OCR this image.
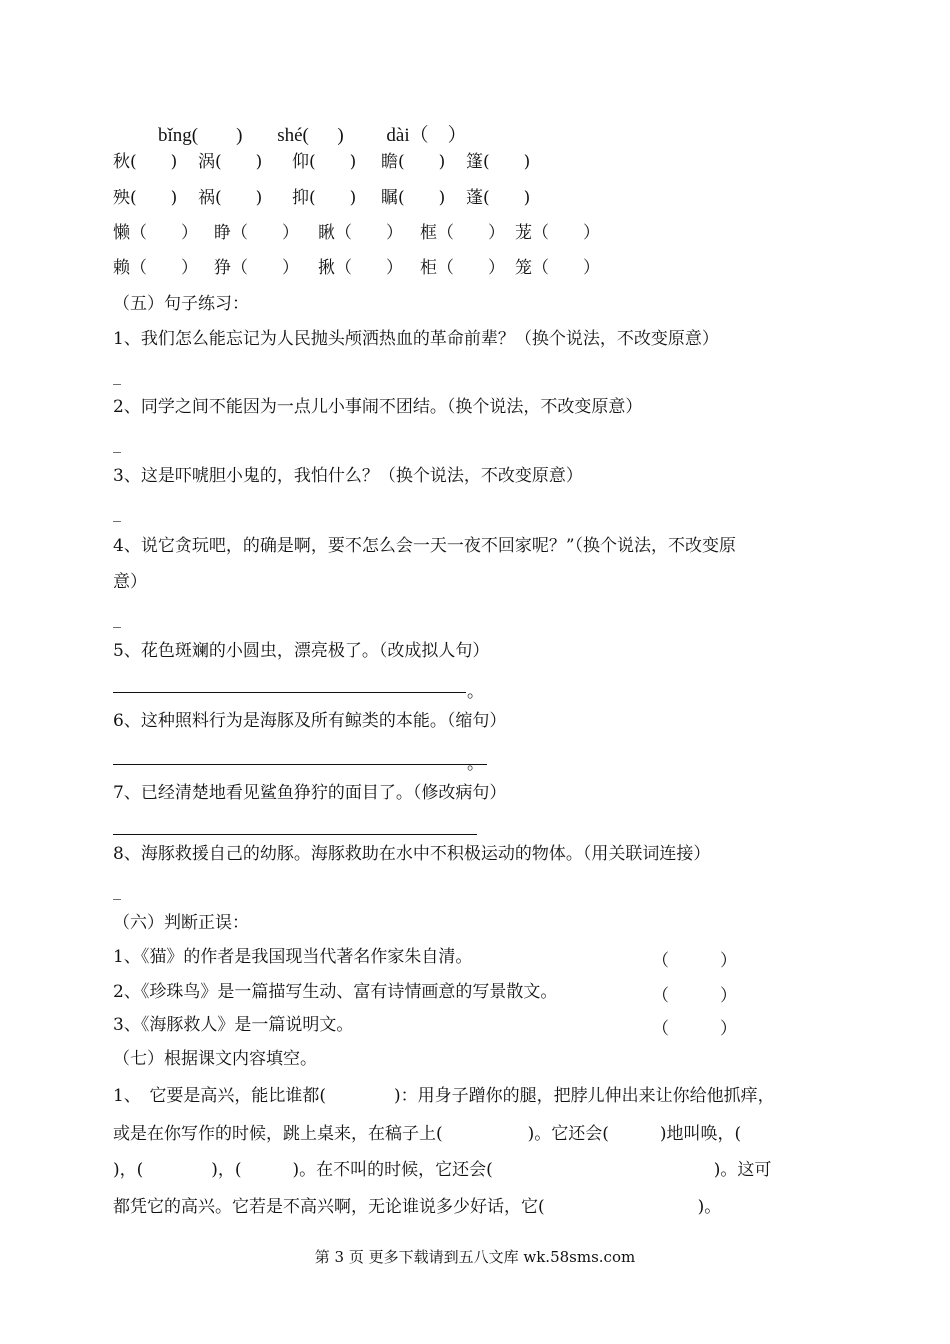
bǐng(        ) shé(      ) dài（    ）
秋(　　) 涡(　　) 仰(　　) 瞻(　　) 篷(　　)
殃(　　) 祸(　　) 抑(　　) 瞩(　　) 蓬(　　)
懒（　　） 睁（　　） 瞅（　　） 框（　　） 茏（　　）
赖（　　） 狰（　　） 揪（　　） 柜（　　） 笼（　　）
（五）句子练习：
1、我们怎么能忘记为人民抛头颅洒热血的革命前辈？（换个说法，不改变原意）
_
2、同学之间不能因为一点儿小事闹不团结。（换个说法，不改变原意）
_
3、这是吓唬胆小鬼的，我怕什么？（换个说法，不改变原意）
_
4、说它贪玩吧，的确是啊，要不怎么会一天一夜不回家呢？”（换个说法，不改变原
意）
_
5、花色斑斓的小圆虫，漂亮极了。（改成拟人句）
。
6、这种照料行为是海豚及所有鲸类的本能。（缩句）
。
7、已经清楚地看见鲨鱼狰狞的面目了。（修改病句）
8、海豚救援自己的幼豚。海豚救助在水中不积极运动的物体。（用关联词连接）
_
（六）判断正误：
1、《猫》的作者是我国现当代著名作家朱自清。	（　　　）
2、《珍珠鸟》是一篇描写生动、富有诗情画意的写景散文。	（　　　）
3、《海豚救人》是一篇说明文。	（　　　）
（七）根据课文内容填空。
1、　它要是高兴，能比谁都(　　　　)：用身子蹭你的腿，把脖儿伸出来让你给他抓痒，
或是在你写作的时候，跳上桌来，在稿子上(　　　　　)。它还会(　　　)地叫唤，(
)，(　　　　)，(　　　)。在不叫的时候，它还会(　　　　　　　　　　　　　)。这可
都凭它的高兴。它若是不高兴啊，无论谁说多少好话，它(　　　　　　　　　)。
第 3 页 更多下载请到五八文库 wk.58sms.com
